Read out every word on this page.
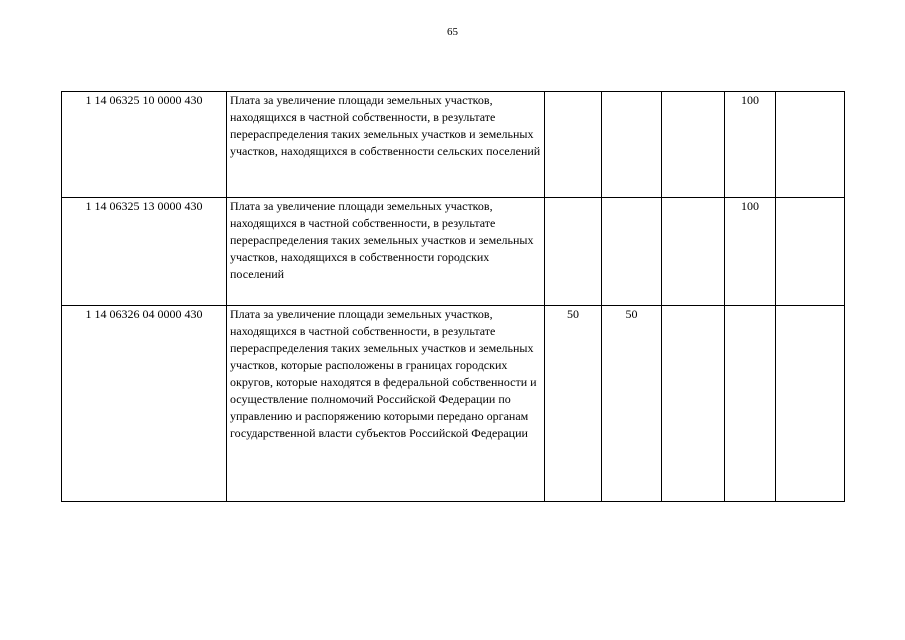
65
1 14 06325 10 0000 430	Плата за увеличение площади земельных участков, находящихся в частной собственности, в результате перераспределения таких земельных участков и земельных участков, находящихся в собственности сельских поселений				100	
1 14 06325 13 0000 430	Плата за увеличение площади земельных участков, находящихся в частной собственности, в результате перераспределения таких земельных участков и земельных участков, находящихся в собственности городских поселений				100	
1 14 06326 04 0000 430	Плата за увеличение площади земельных участков, находящихся в частной собственности, в результате перераспределения таких земельных участков и земельных участков, которые расположены в границах городских округов, которые находятся в федеральной собственности и осуществление полномочий Российской Федерации по управлению и распоряжению которыми передано органам государственной власти субъектов Российской Федерации	50	50			
